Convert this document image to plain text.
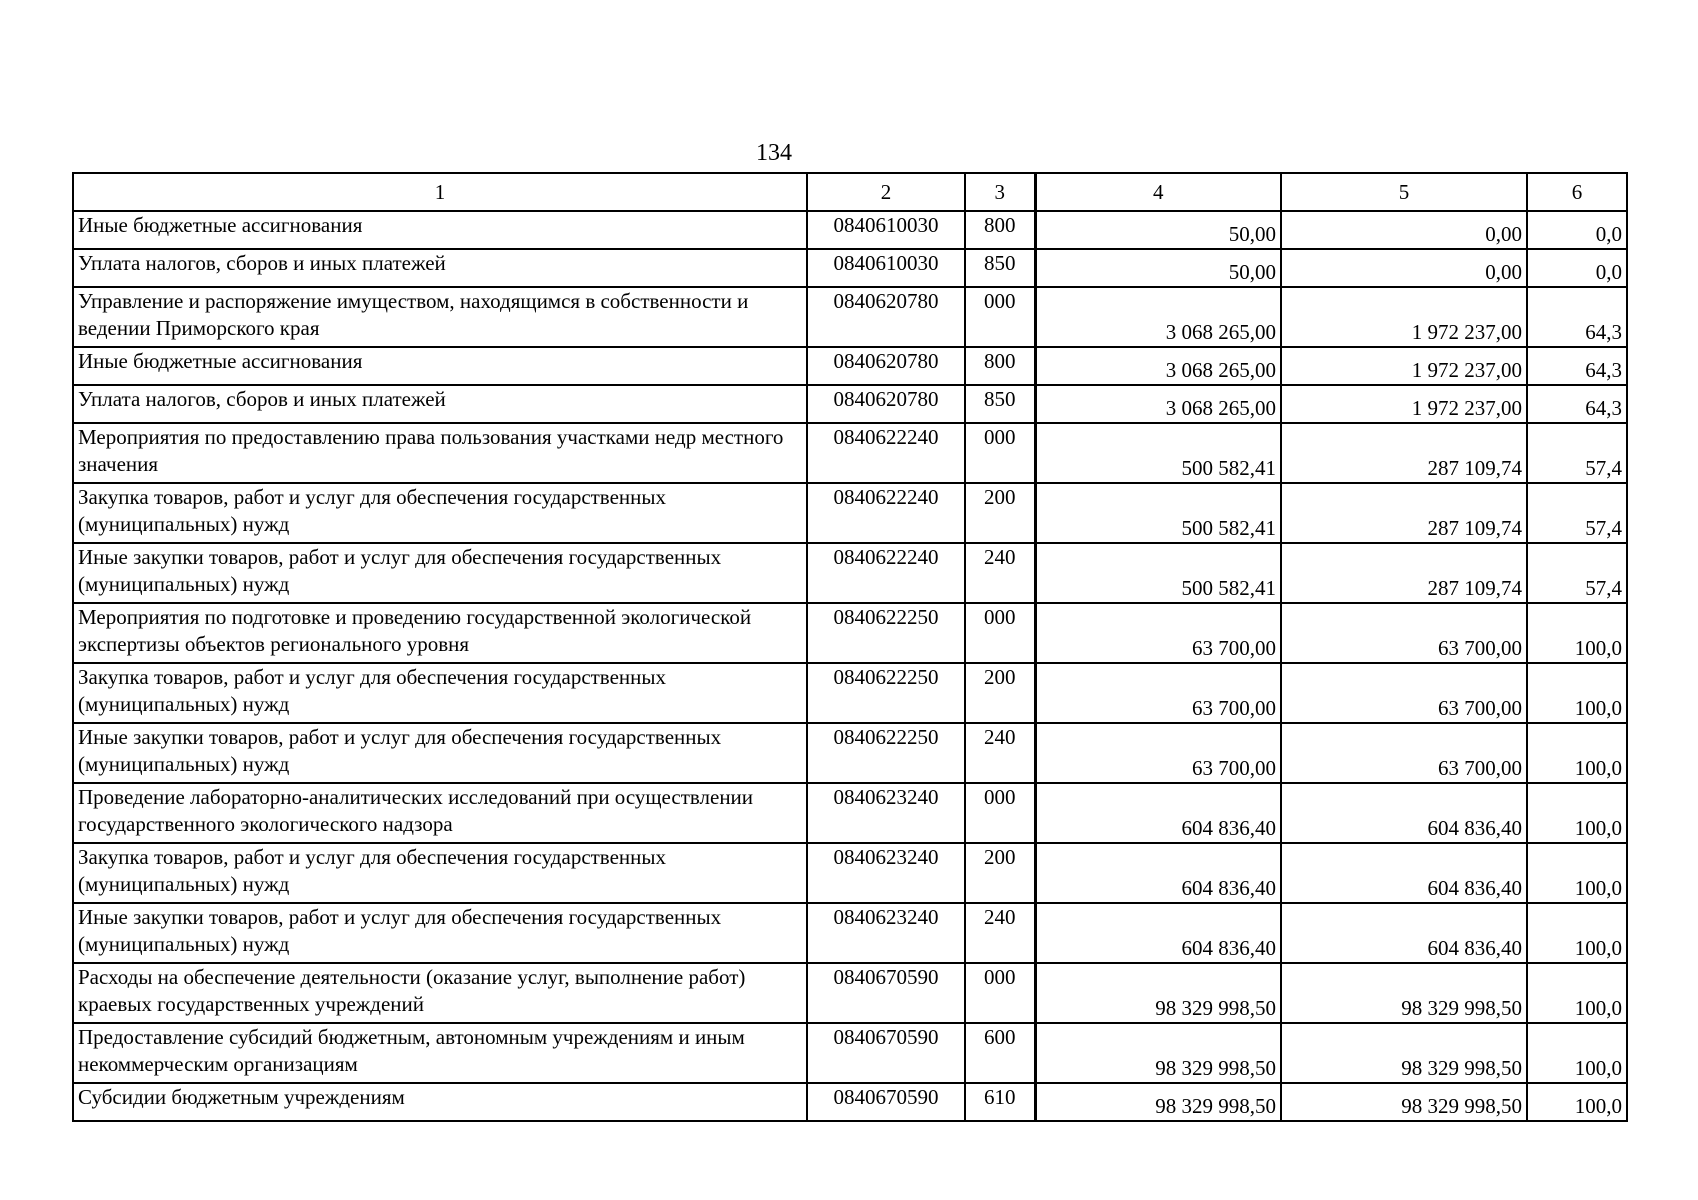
134
1	2	3	4	5	6
Иные бюджетные ассигнования	0840610030	800	50,00	0,00	0,0
Уплата налогов, сборов и иных платежей	0840610030	850	50,00	0,00	0,0
Управление и распоряжение имуществом, находящимся в собственности и ведении Приморского края	0840620780	000	3 068 265,00	1 972 237,00	64,3
Иные бюджетные ассигнования	0840620780	800	3 068 265,00	1 972 237,00	64,3
Уплата налогов, сборов и иных платежей	0840620780	850	3 068 265,00	1 972 237,00	64,3
Мероприятия по предоставлению права пользования участками недр местного значения	0840622240	000	500 582,41	287 109,74	57,4
Закупка товаров, работ и услуг для обеспечения государственных (муниципальных) нужд	0840622240	200	500 582,41	287 109,74	57,4
Иные закупки товаров, работ и услуг для обеспечения государственных (муниципальных) нужд	0840622240	240	500 582,41	287 109,74	57,4
Мероприятия по подготовке и проведению государственной экологической экспертизы объектов регионального уровня	0840622250	000	63 700,00	63 700,00	100,0
Закупка товаров, работ и услуг для обеспечения государственных (муниципальных) нужд	0840622250	200	63 700,00	63 700,00	100,0
Иные закупки товаров, работ и услуг для обеспечения государственных (муниципальных) нужд	0840622250	240	63 700,00	63 700,00	100,0
Проведение лабораторно-аналитических исследований при осуществлении государственного экологического надзора	0840623240	000	604 836,40	604 836,40	100,0
Закупка товаров, работ и услуг для обеспечения государственных (муниципальных) нужд	0840623240	200	604 836,40	604 836,40	100,0
Иные закупки товаров, работ и услуг для обеспечения государственных (муниципальных) нужд	0840623240	240	604 836,40	604 836,40	100,0
Расходы на обеспечение деятельности (оказание услуг, выполнение работ) краевых государственных учреждений	0840670590	000	98 329 998,50	98 329 998,50	100,0
Предоставление субсидий бюджетным, автономным учреждениям и иным некоммерческим организациям	0840670590	600	98 329 998,50	98 329 998,50	100,0
Субсидии бюджетным учреждениям	0840670590	610	98 329 998,50	98 329 998,50	100,0
